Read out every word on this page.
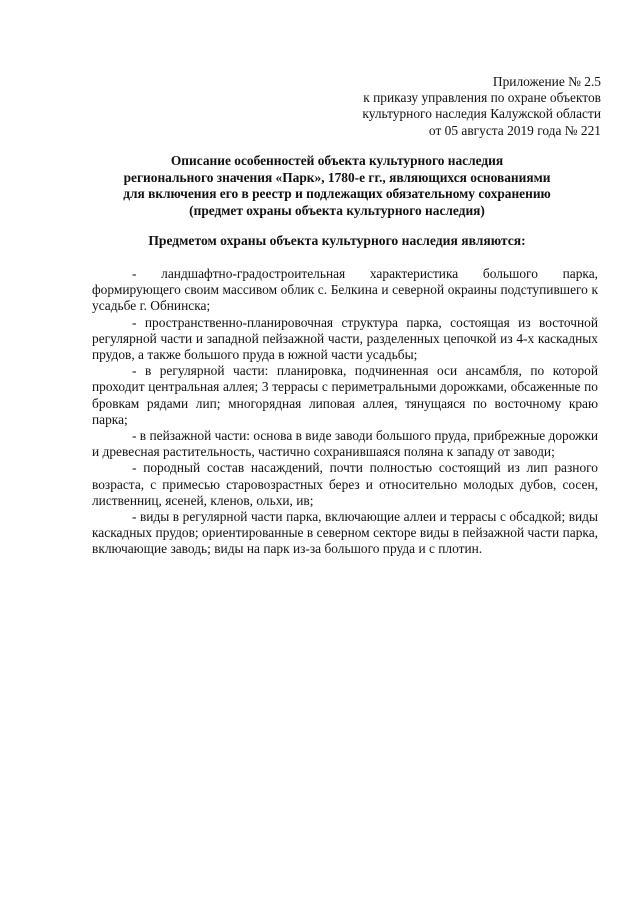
Приложение № 2.5
к приказу управления по охране объектов
культурного наследия Калужской области
от 05 августа 2019 года № 221
Описание особенностей объекта культурного наследия
регионального значения «Парк», 1780-е гг., являющихся основаниями
для включения его в реестр и подлежащих обязательному сохранению
(предмет охраны объекта культурного наследия)
Предметом охраны объекта культурного наследия являются:

- ландшафтно-градостроительная характеристика большого парка, формирующего своим массивом облик с. Белкина и северной окраины подступившего к усадьбе г. Обнинска;

- пространственно-планировочная структура парка, состоящая из восточной регулярной части и западной пейзажной части, разделенных цепочкой из 4-х каскадных прудов, а также большого пруда в южной части усадьбы;

- в регулярной части: планировка, подчиненная оси ансамбля, по которой проходит центральная аллея; 3 террасы с периметральными дорожками, обсаженные по бровкам рядами лип; многорядная липовая аллея, тянущаяся по восточному краю парка;

- в пейзажной части: основа в виде заводи большого пруда, прибрежные дорожки и древесная растительность, частично сохранившаяся поляна к западу от заводи;

- породный состав насаждений, почти полностью состоящий из лип разного возраста, с примесью старовозрастных берез и относительно молодых дубов, сосен, лиственниц, ясеней, кленов, ольхи, ив;

- виды в регулярной части парка, включающие аллеи и террасы с обсадкой; виды каскадных прудов; ориентированные в северном секторе виды в пейзажной части парка, включающие заводь; виды на парк из-за большого пруда и с плотин.
